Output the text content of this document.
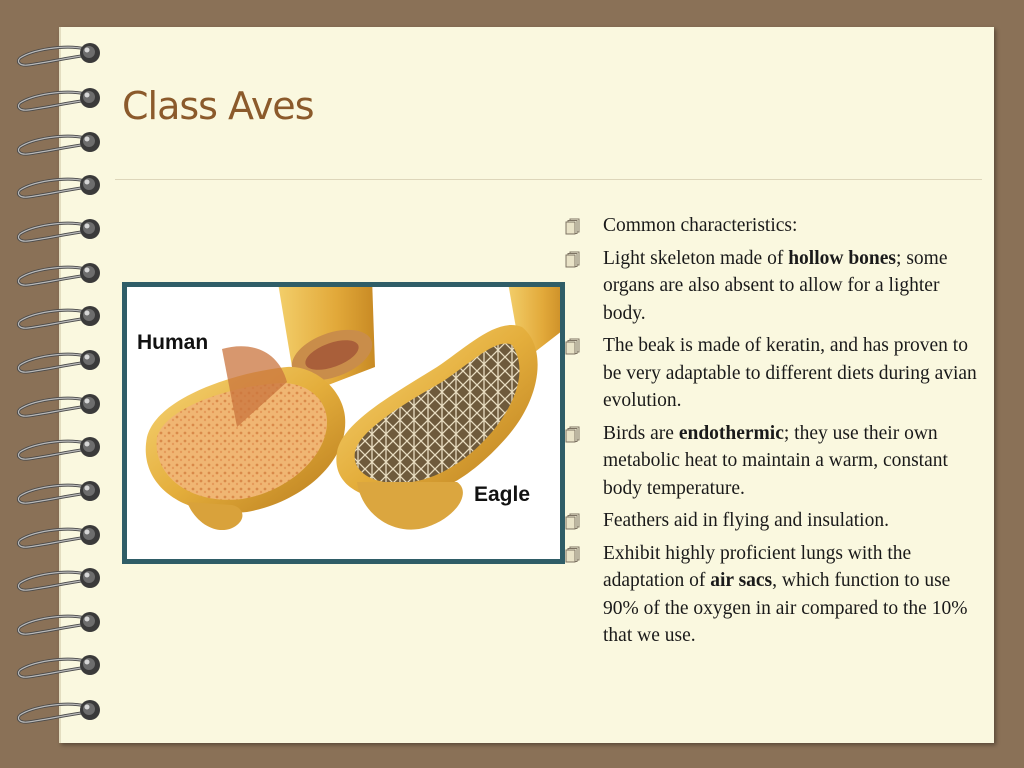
Class Aves
Human
Eagle
Common characteristics:
Light skeleton made of hollow bones; some organs are also absent to allow for a lighter body.
The beak is made of keratin, and has proven to be very adaptable to different diets during avian evolution.
Birds are endothermic; they use their own metabolic heat to maintain a warm, constant body temperature.
Feathers aid in flying and insulation.
Exhibit highly proficient lungs with the adaptation of air sacs, which function to use 90% of the oxygen in air compared to the 10% that we use.
